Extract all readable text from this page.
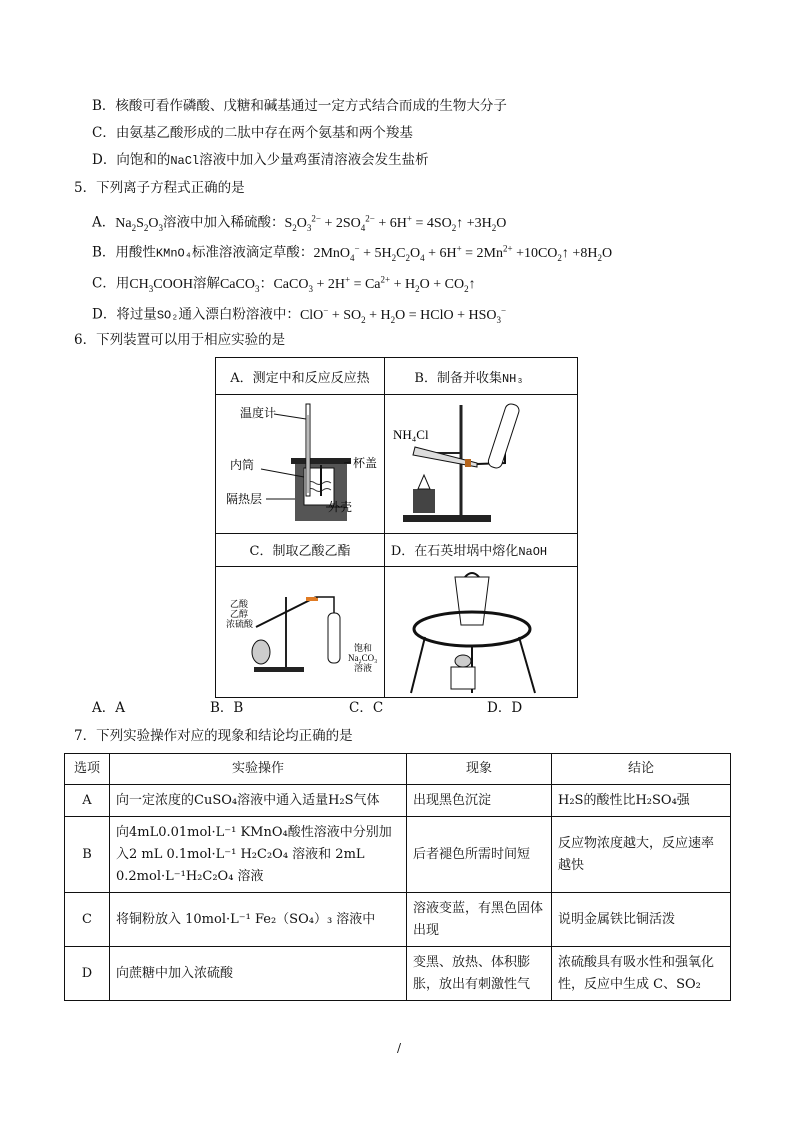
B．核酸可看作磷酸、戊糖和碱基通过一定方式结合而成的生物大分子
C．由氨基乙酸形成的二肽中存在两个氨基和两个羧基
D．向饱和的NaCl溶液中加入少量鸡蛋清溶液会发生盐析
5．下列离子方程式正确的是
A．$Na_2S_2O_3$溶液中加入稀硫酸：$S_2O_3^{2-} + 2SO_4^{2-} + 6H^+$ = $4SO_2↑ +3H_2O$
B．用酸性KMnO₄标准溶液滴定草酸：$2MnO_4^- + 5H_2C_2O_4 + 6H^+ = 2Mn^{2+}$ $+10CO_2↑ +8H_2O$
C．用$CH_3COOH$溶解CaCO$_3$：CaCO$_3$ + $2H^+ = Ca^{2+} + H_2O$ + $CO_2↑$
D．将过量SO₂通入漂白粉溶液中：$ClO^- + SO_2 + H_2O$ = HClO + $HSO_3^-$
6．下列装置可以用于相应实验的是
A．测定中和反应反应热	B．制备并收集NH₃
C．制取乙酸乙酯	D．在石英坩埚中熔化NaOH
温度计
内筒	杯盖
隔热层
外壳
NH₄Cl
乙酸
乙醇
浓硫酸
饱和
Na₂CO₃
溶液
A．A	B．B	C．C	D．D
7．下列实验操作对应的现象和结论均正确的是
选项	实验操作	现象	结论
A	向一定浓度的CuSO₄溶液中通入适量H₂S气体	出现黑色沉淀	H₂S的酸性比H₂SO₄强
B	向4mL0.01mol·L⁻¹ KMnO₄酸性溶液中分别加入2 mL 0.1mol·L⁻¹ H₂C₂O₄ 溶液和 2mL 0.2mol·L⁻¹H₂C₂O₄ 溶液	后者褪色所需时间短	反应物浓度越大，反应速率越快
C	将铜粉放入 10mol·L⁻¹ Fe₂（SO₄）₃ 溶液中	溶液变蓝，有黑色固体出现	说明金属铁比铜活泼
D	向蔗糖中加入浓硫酸	变黑、放热、体积膨胀，放出有刺激性气	浓硫酸具有吸水性和强氧化性，反应中生成 C、SO₂
/
